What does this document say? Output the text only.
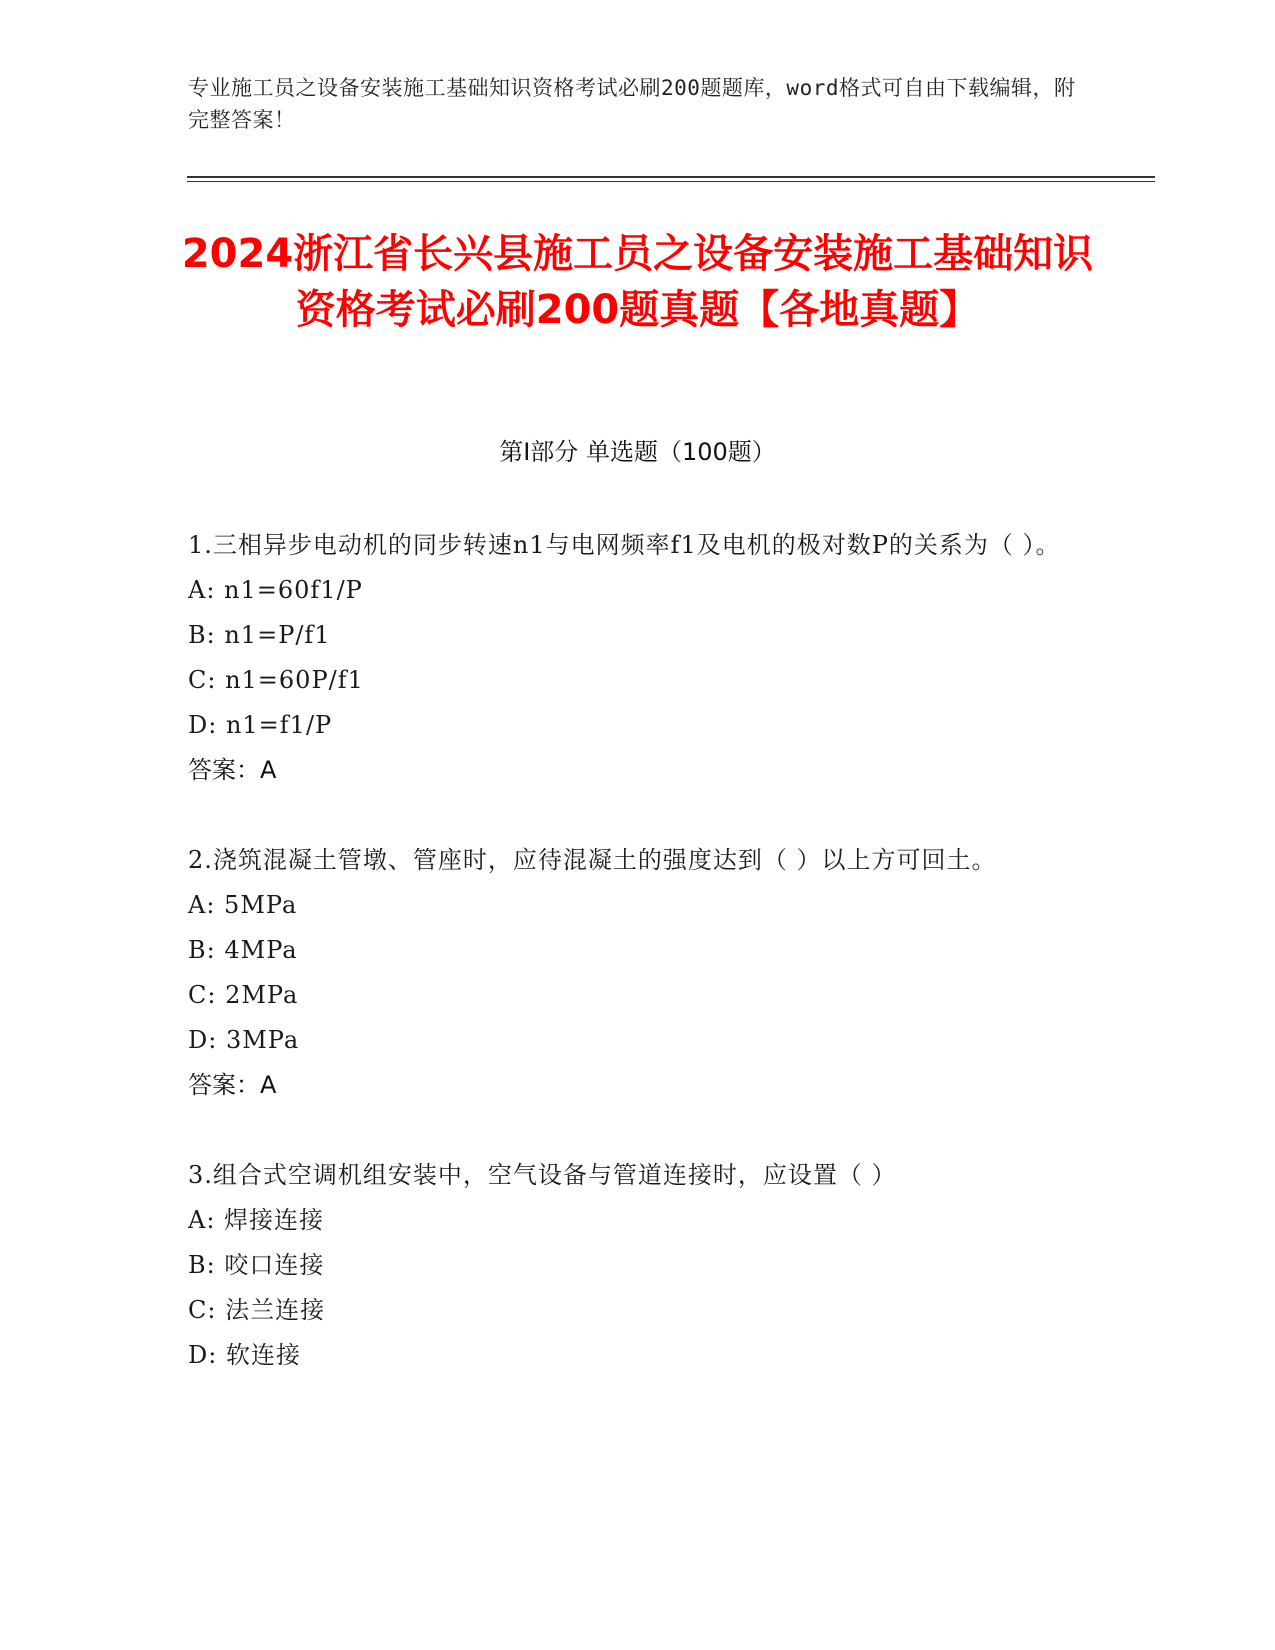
专业施工员之设备安装施工基础知识资格考试必刷200题题库，word格式可自由下载编辑，附完整答案！
2024浙江省长兴县施工员之设备安装施工基础知识资格考试必刷200题真题【各地真题】
第Ⅰ部分 单选题（100题）
1.三相异步电动机的同步转速n1与电网频率f1及电机的极对数P的关系为（ ）。
A: n1=60f1/P
B: n1=P/f1
C: n1=60P/f1
D: n1=f1/P
答案：A
2.浇筑混凝土管墩、管座时，应待混凝土的强度达到（ ）以上方可回土。
A: 5MPa
B: 4MPa
C: 2MPa
D: 3MPa
答案：A
3.组合式空调机组安装中，空气设备与管道连接时，应设置（ ）
A: 焊接连接
B: 咬口连接
C: 法兰连接
D: 软连接
